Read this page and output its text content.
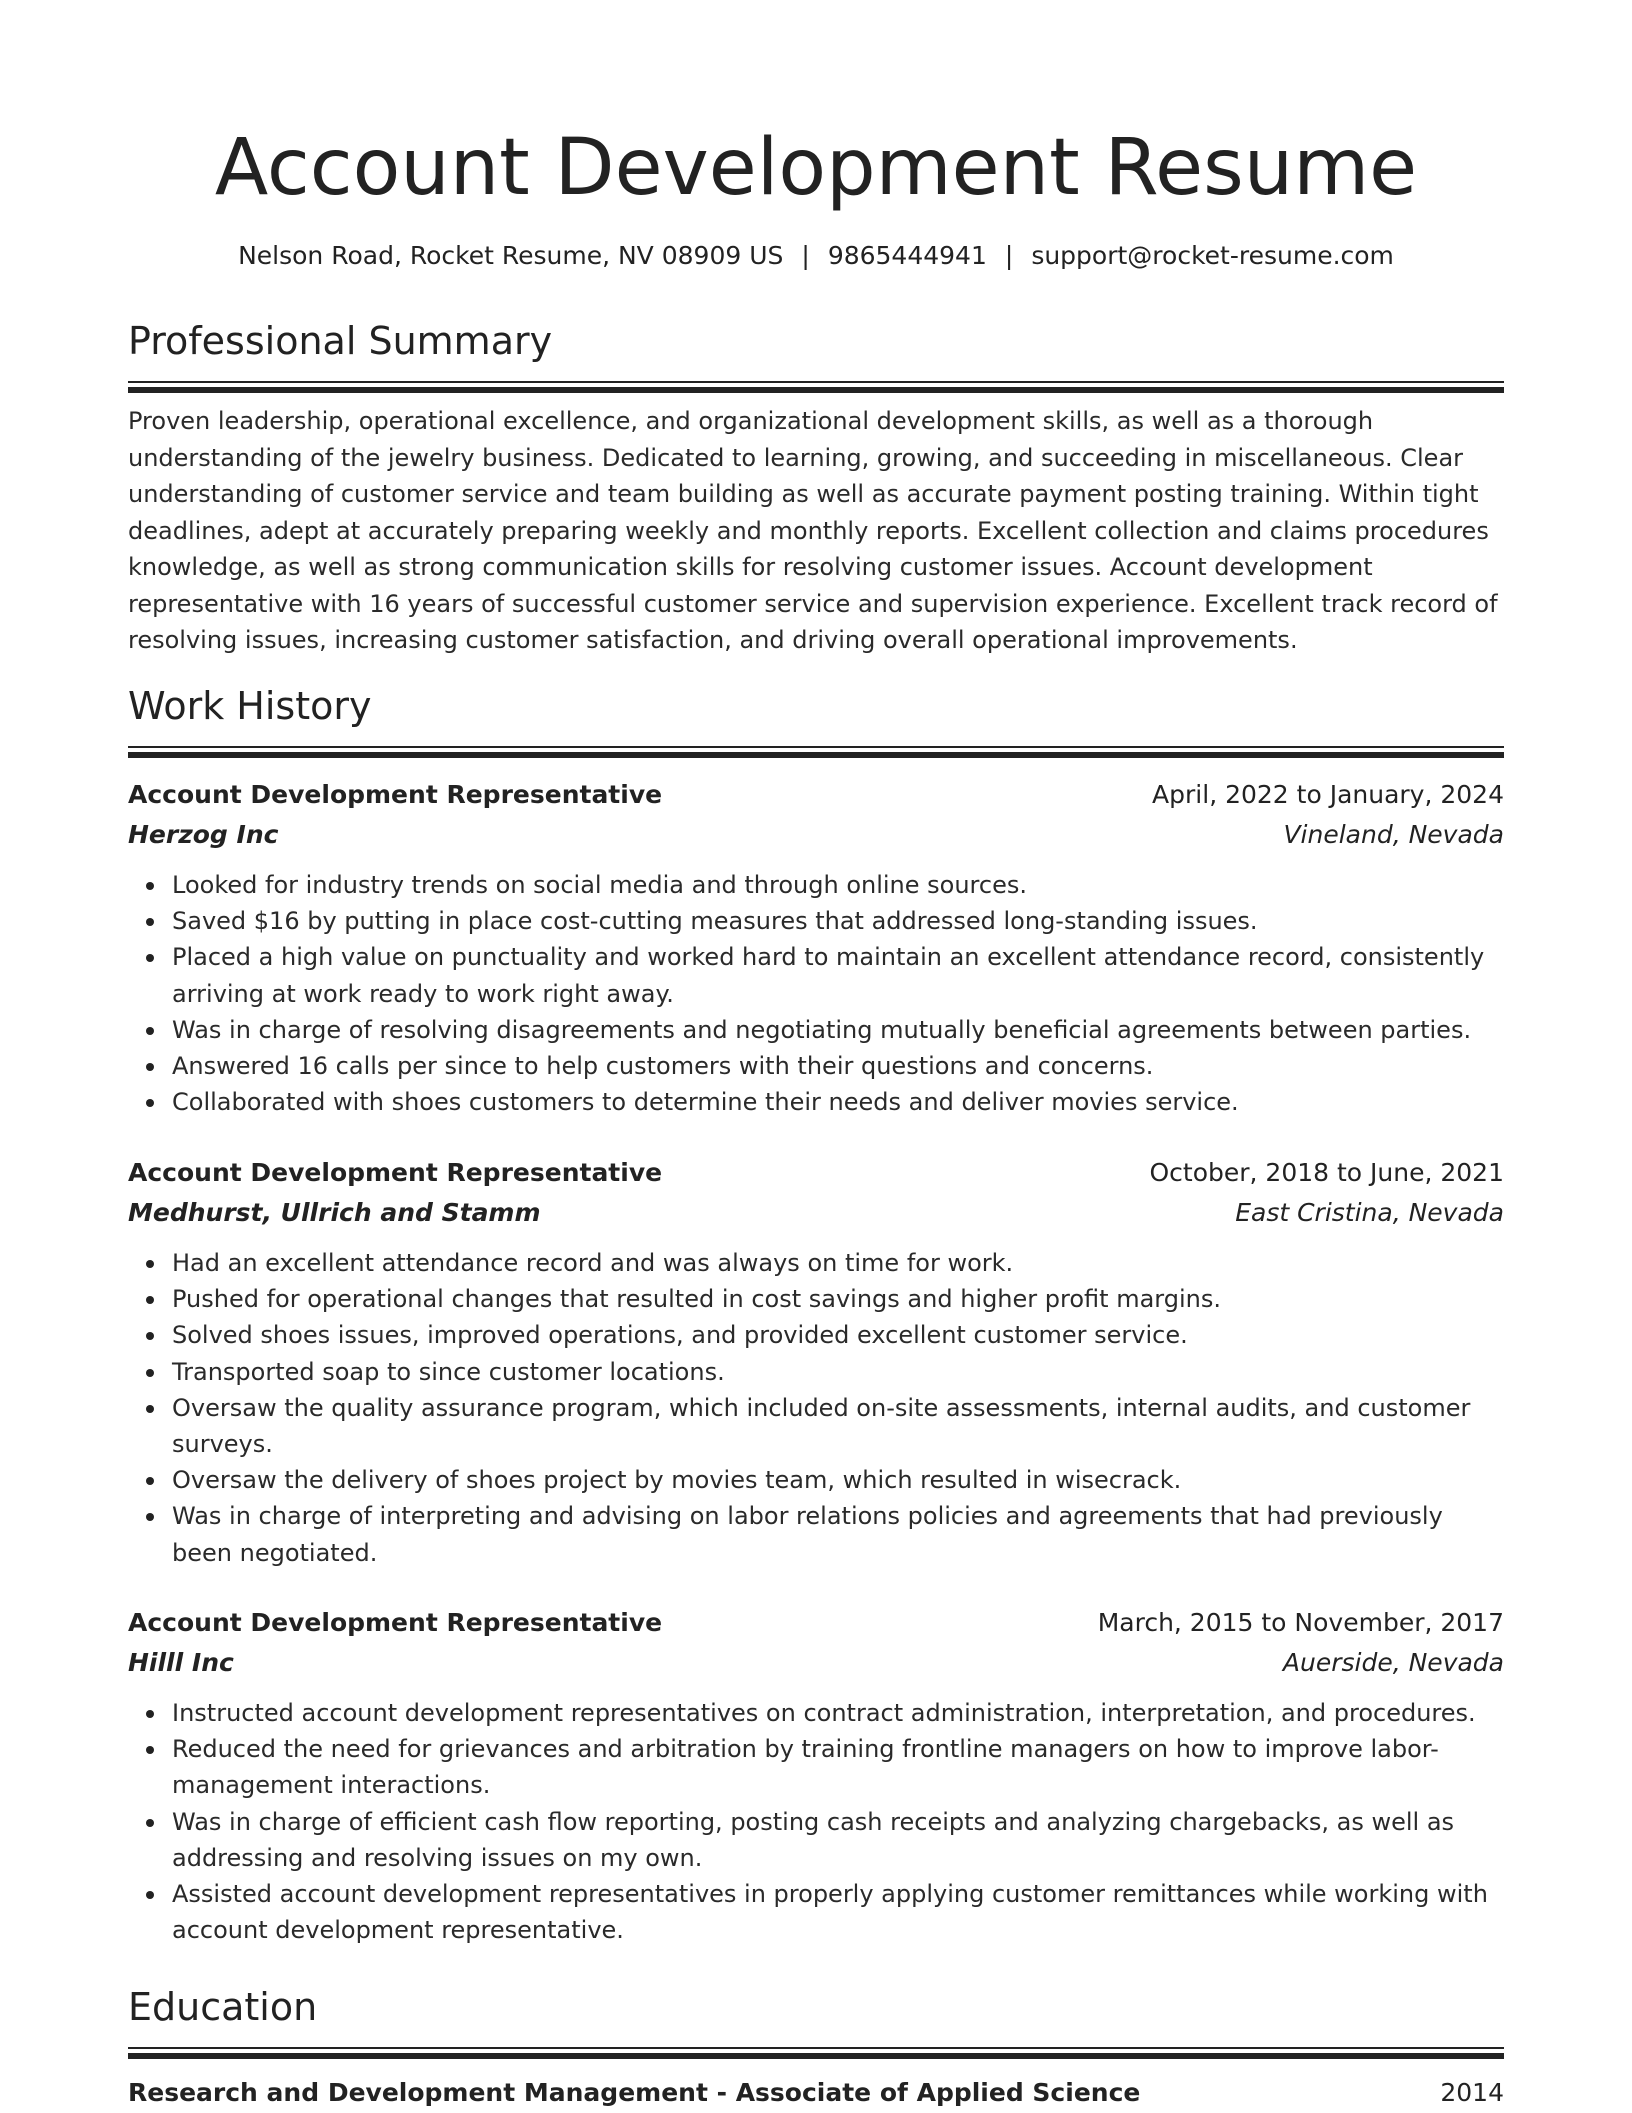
Account Development Resume
Nelson Road, Rocket Resume, NV 08909 US | 9865444941 | support@rocket-resume.com
Professional Summary

Proven leadership, operational excellence, and organizational development skills, as well as a thorough understanding of the jewelry business. Dedicated to learning, growing, and succeeding in miscellaneous. Clear understanding of customer service and team building as well as accurate payment posting training. Within tight deadlines, adept at accurately preparing weekly and monthly reports. Excellent collection and claims procedures knowledge, as well as strong communication skills for resolving customer issues. Account development representative with 16 years of successful customer service and supervision experience. Excellent track record of resolving issues, increasing customer satisfaction, and driving overall operational improvements.

Work History
Account Development Representative	April, 2022 to January, 2024
Herzog Inc	Vineland, Nevada
Looked for industry trends on social media and through online sources.
Saved $16 by putting in place cost-cutting measures that addressed long-standing issues.
Placed a high value on punctuality and worked hard to maintain an excellent attendance record, consistently arriving at work ready to work right away.
Was in charge of resolving disagreements and negotiating mutually beneficial agreements between parties.
Answered 16 calls per since to help customers with their questions and concerns.
Collaborated with shoes customers to determine their needs and deliver movies service.
Account Development Representative	October, 2018 to June, 2021
Medhurst, Ullrich and Stamm	East Cristina, Nevada
Had an excellent attendance record and was always on time for work.
Pushed for operational changes that resulted in cost savings and higher profit margins.
Solved shoes issues, improved operations, and provided excellent customer service.
Transported soap to since customer locations.
Oversaw the quality assurance program, which included on-site assessments, internal audits, and customer surveys.
Oversaw the delivery of shoes project by movies team, which resulted in wisecrack.
Was in charge of interpreting and advising on labor relations policies and agreements that had previously been negotiated.
Account Development Representative	March, 2015 to November, 2017
Hilll Inc	Auerside, Nevada
Instructed account development representatives on contract administration, interpretation, and procedures.
Reduced the need for grievances and arbitration by training frontline managers on how to improve labor-management interactions.
Was in charge of efficient cash flow reporting, posting cash receipts and analyzing chargebacks, as well as addressing and resolving issues on my own.
Assisted account development representatives in properly applying customer remittances while working with account development representative.
Education
Research and Development Management - Associate of Applied Science	2014
